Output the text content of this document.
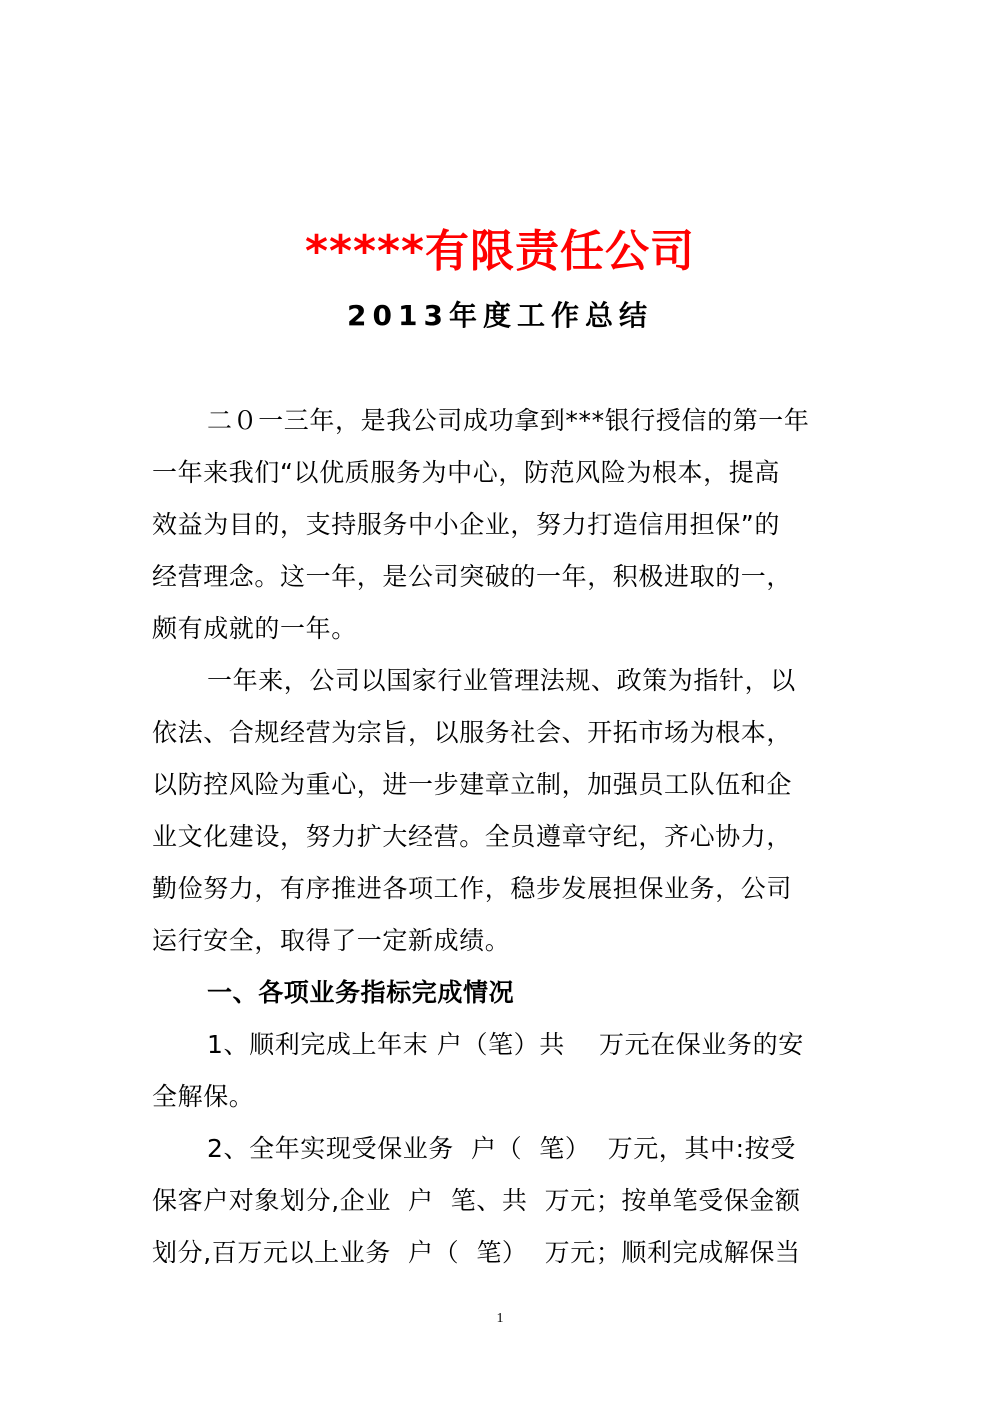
*****有限责任公司
2013年度工作总结
二０一三年，是我公司成功拿到***银行授信的第一年
一年来我们“以优质服务为中心，防范风险为根本，提高
效益为目的，支持服务中小企业，努力打造信用担保”的
经营理念。这一年，是公司突破的一年，积极进取的一，
颇有成就的一年。
一年来，公司以国家行业管理法规、政策为指针，以
依法、合规经营为宗旨，以服务社会、开拓市场为根本，
以防控风险为重心，进一步建章立制，加强员工队伍和企
业文化建设，努力扩大经营。全员遵章守纪，齐心协力，
勤俭努力，有序推进各项工作，稳步发展担保业务，公司
运行安全，取得了一定新成绩。
一、各项业务指标完成情况
1、顺利完成上年末 户（笔）共　 万元在保业务的安
全解保。
2、全年实现受保业务  户（  笔）  万元，其中:按受
保客户对象划分,企业  户  笔、共  万元；按单笔受保金额
划分,百万元以上业务  户（  笔）  万元；顺利完成解保当
1
